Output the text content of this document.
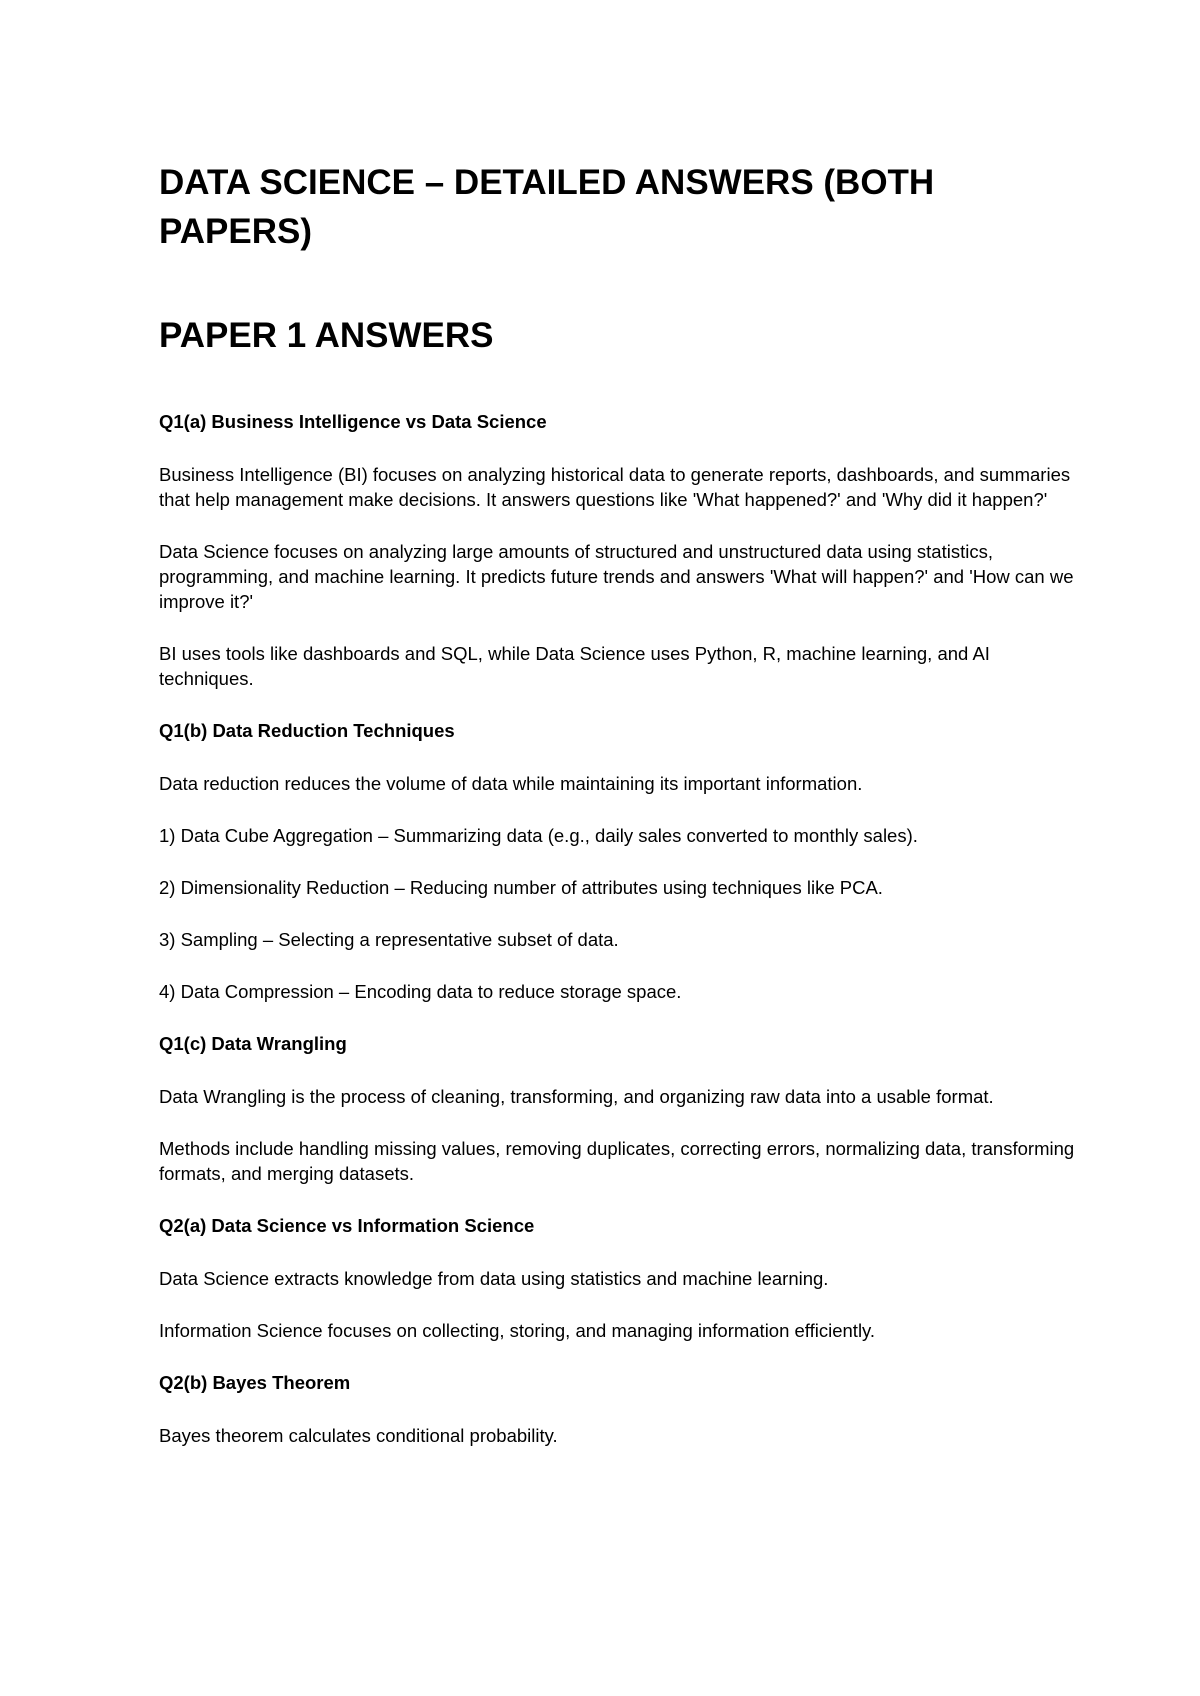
DATA SCIENCE – DETAILED ANSWERS (BOTH PAPERS)
PAPER 1 ANSWERS

Q1(a) Business Intelligence vs Data Science

Business Intelligence (BI) focuses on analyzing historical data to generate reports, dashboards, and summaries that help management make decisions. It answers questions like 'What happened?' and 'Why did it happen?'

Data Science focuses on analyzing large amounts of structured and unstructured data using statistics, programming, and machine learning. It predicts future trends and answers 'What will happen?' and 'How can we improve it?'

BI uses tools like dashboards and SQL, while Data Science uses Python, R, machine learning, and AI techniques.

Q1(b) Data Reduction Techniques

Data reduction reduces the volume of data while maintaining its important information.

1) Data Cube Aggregation – Summarizing data (e.g., daily sales converted to monthly sales).

2) Dimensionality Reduction – Reducing number of attributes using techniques like PCA.

3) Sampling – Selecting a representative subset of data.

4) Data Compression – Encoding data to reduce storage space.

Q1(c) Data Wrangling

Data Wrangling is the process of cleaning, transforming, and organizing raw data into a usable format.

Methods include handling missing values, removing duplicates, correcting errors, normalizing data, transforming formats, and merging datasets.

Q2(a) Data Science vs Information Science

Data Science extracts knowledge from data using statistics and machine learning.

Information Science focuses on collecting, storing, and managing information efficiently.

Q2(b) Bayes Theorem

Bayes theorem calculates conditional probability.
